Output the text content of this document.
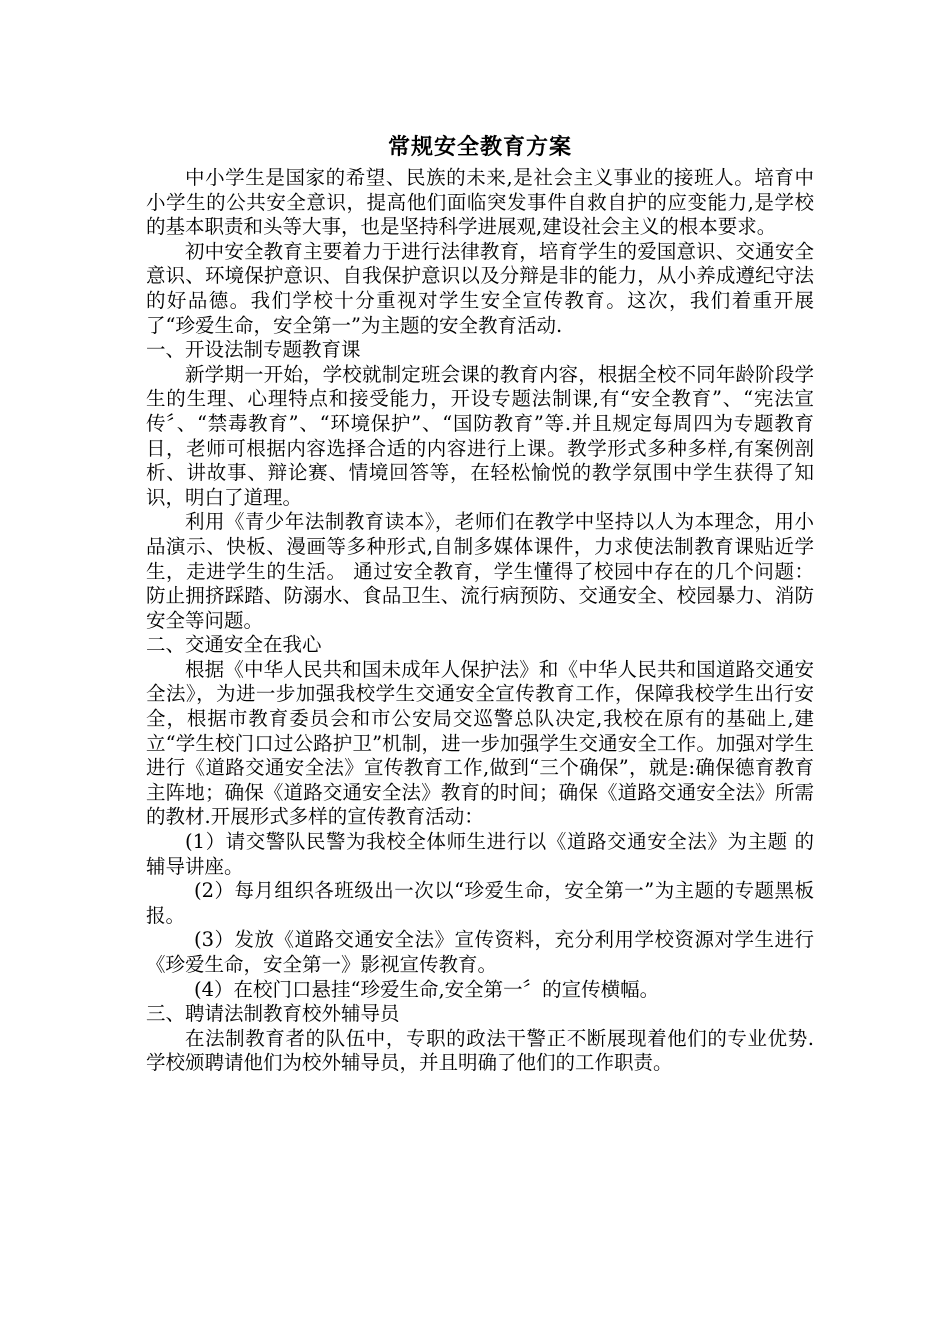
常规安全教育方案

中小学生是国家的希望、民族的未来,是社会主义事业的接班人。培育中小学生的公共安全意识，提高他们面临突发事件自救自护的应变能力,是学校的基本职责和头等大事，也是坚持科学进展观,建设社会主义的根本要求。

初中安全教育主要着力于进行法律教育，培育学生的爱国意识、交通安全意识、环境保护意识、自我保护意识以及分辩是非的能力，从小养成遵纪守法的好品德。我们学校十分重视对学生安全宣传教育。这次，我们着重开展了“珍爱生命，安全第一”为主题的安全教育活动.

一、开设法制专题教育课

新学期一开始，学校就制定班会课的教育内容，根据全校不同年龄阶段学生的生理、心理特点和接受能力，开设专题法制课,有“安全教育”、“宪法宣传〞、“禁毒教育”、“环境保护”、“国防教育”等.并且规定每周四为专题教育日，老师可根据内容选择合适的内容进行上课。教学形式多种多样,有案例剖析、讲故事、辩论赛、情境回答等，在轻松愉悦的教学氛围中学生获得了知识，明白了道理。

利用《青少年法制教育读本》，老师们在教学中坚持以人为本理念，用小品演示、快板、漫画等多种形式,自制多媒体课件，力求使法制教育课贴近学生，走进学生的生活。 通过安全教育，学生懂得了校园中存在的几个问题：防止拥挤踩踏、防溺水、食品卫生、流行病预防、交通安全、校园暴力、消防安全等问题。

二、交通安全在我心

根据《中华人民共和国未成年人保护法》和《中华人民共和国道路交通安全法》，为进一步加强我校学生交通安全宣传教育工作，保障我校学生出行安全，根据市教育委员会和市公安局交巡警总队决定,我校在原有的基础上,建立“学生校门口过公路护卫”机制，进一步加强学生交通安全工作。加强对学生进行《道路交通安全法》宣传教育工作,做到“三个确保”，就是:确保德育教育主阵地；确保《道路交通安全法》教育的时间；确保《道路交通安全法》所需的教材.开展形式多样的宣传教育活动：

(1）请交警队民警为我校全体师生进行以《道路交通安全法》为主题 的辅导讲座。

(2）每月组织各班级出一次以“珍爱生命，安全第一”为主题的专题黑板 报。

(3）发放《道路交通安全法》宣传资料，充分利用学校资源对学生进行《珍爱生命，安全第一》影视宣传教育。

(4）在校门口悬挂“珍爱生命,安全第一〞的宣传横幅。

三、聘请法制教育校外辅导员

在法制教育者的队伍中，专职的政法干警正不断展现着他们的专业优势.学校颁聘请他们为校外辅导员，并且明确了他们的工作职责。
